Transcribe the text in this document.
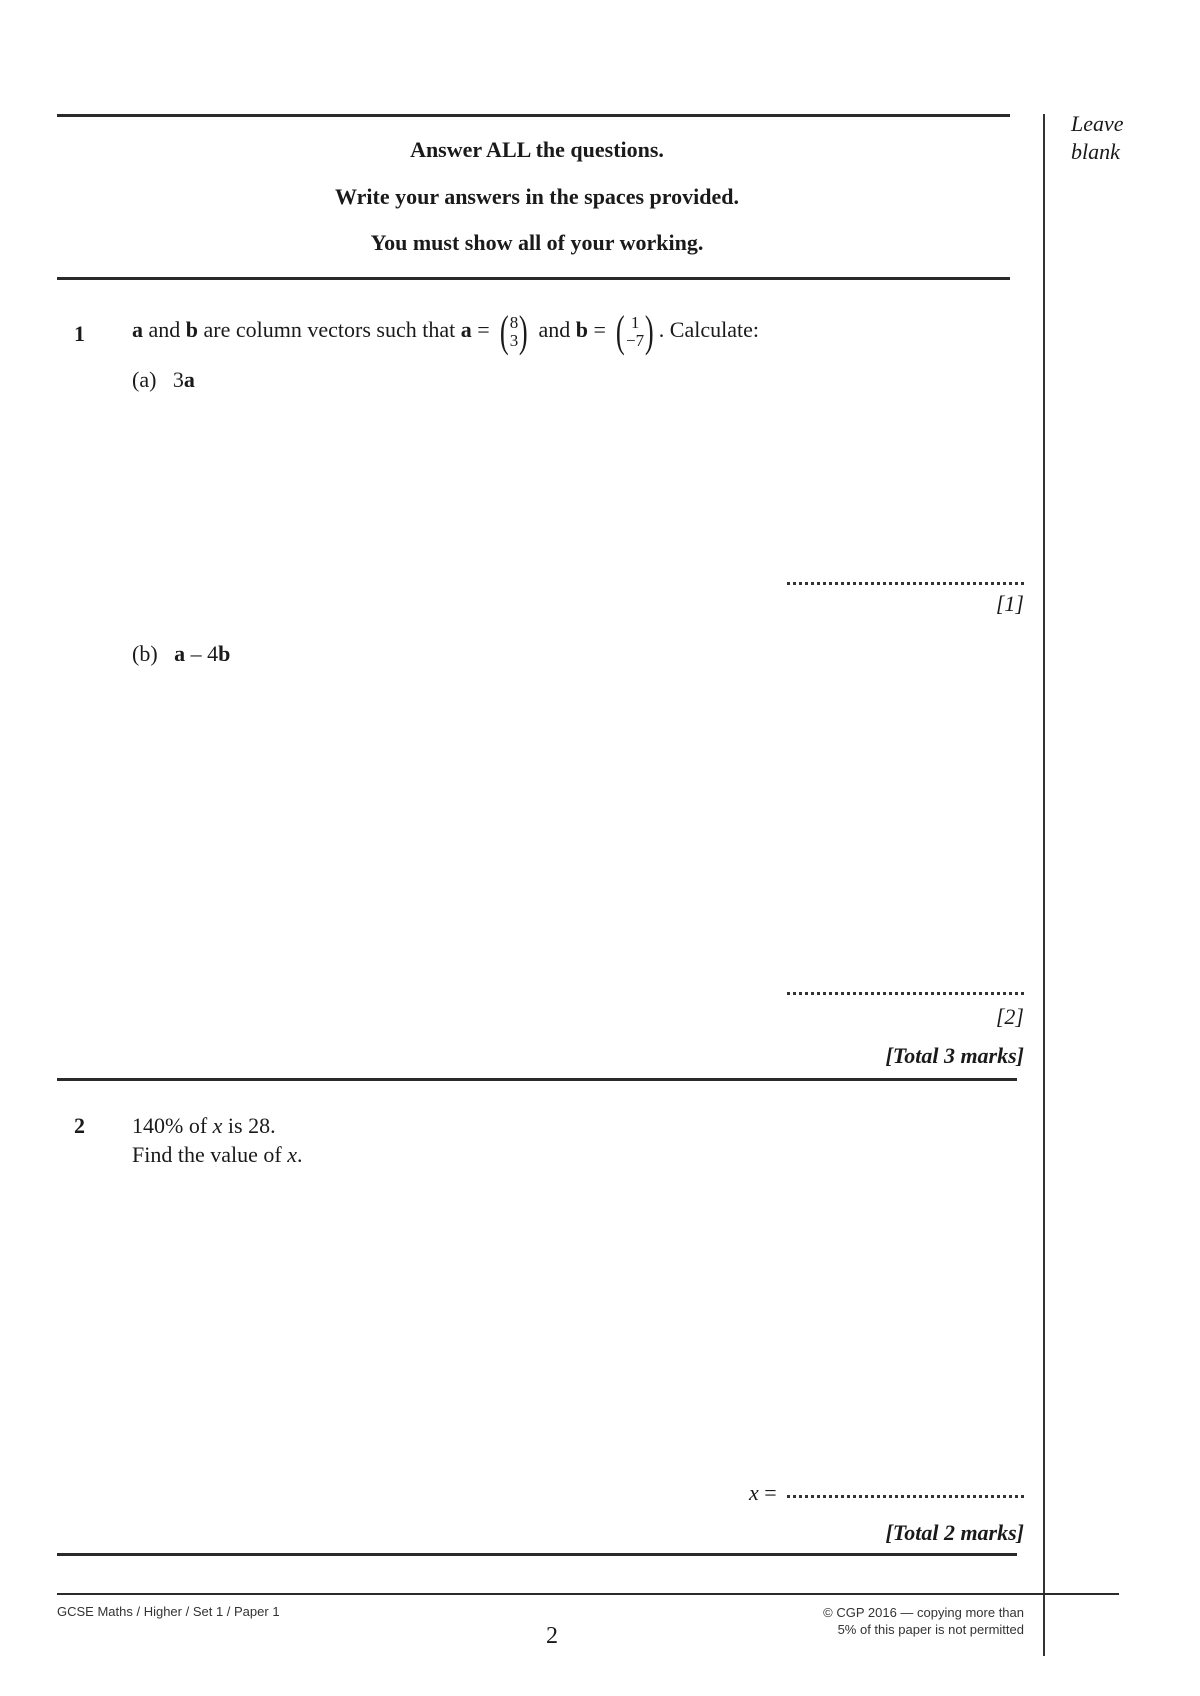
Leave
blank
Answer ALL the questions.
Write your answers in the spaces provided.
You must show all of your working.
1 a and b are column vectors such that a = ( 8
3 ) and b = ( 1
−7 ) . Calculate:
(a) 3a
[1]
(b) a – 4b
[2]
[Total 3 marks]
2 140% of x is 28.
Find the value of x.
x =
[Total 2 marks]
GCSE Maths / Higher / Set 1 / Paper 1
2
© CGP 2016 — copying more than
5% of this paper is not permitted
